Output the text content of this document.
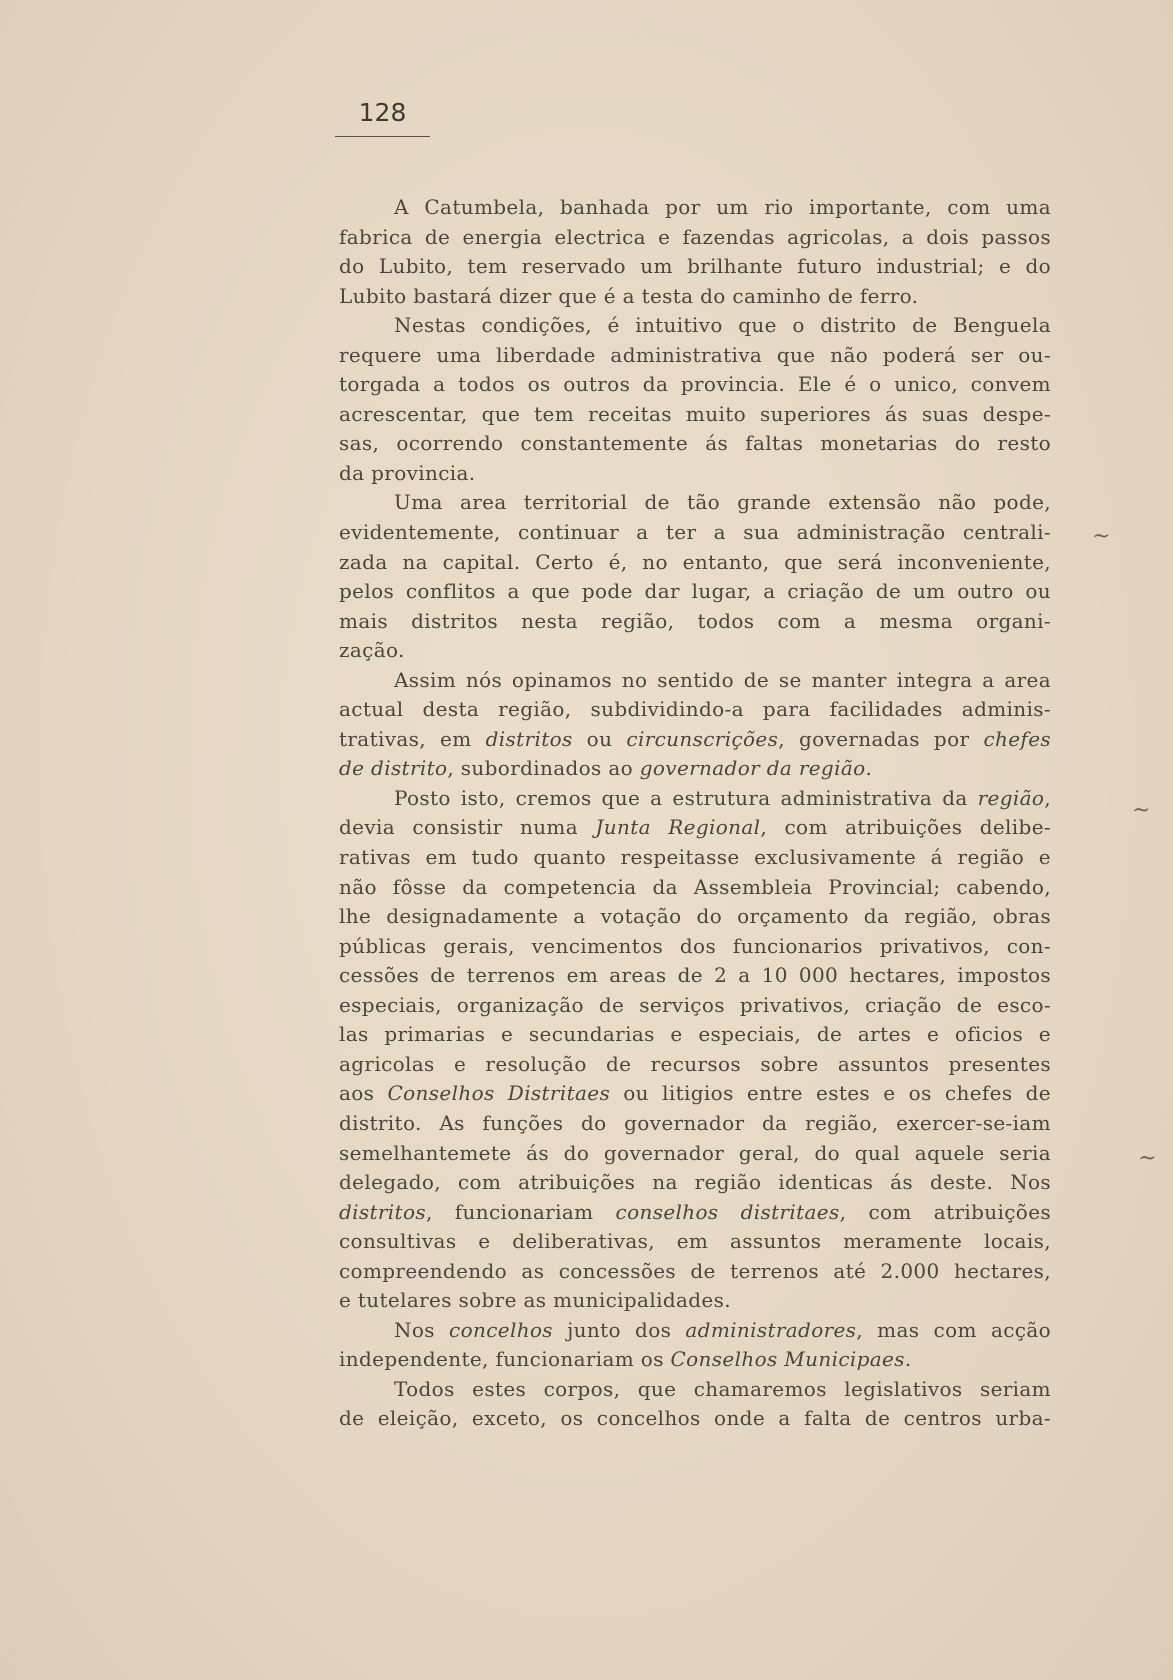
128
A Catumbela, banhada por um rio importante, com uma
fabrica de energia electrica e fazendas agricolas, a dois passos
do Lubito, tem reservado um brilhante futuro industrial; e do
Lubito bastará dizer que é a testa do caminho de ferro.
Nestas condições, é intuitivo que o distrito de Benguela
requere uma liberdade administrativa que não poderá ser ou-
torgada a todos os outros da provincia. Ele é o unico, convem
acrescentar, que tem receitas muito superiores ás suas despe-
sas, ocorrendo constantemente ás faltas monetarias do resto
da provincia.
Uma area territorial de tão grande extensão não pode,
evidentemente, continuar a ter a sua administração centrali-
zada na capital. Certo é, no entanto, que será inconveniente,
pelos conflitos a que pode dar lugar, a criação de um outro ou
mais distritos nesta região, todos com a mesma organi-
zação.
Assim nós opinamos no sentido de se manter integra a area
actual desta região, subdividindo-a para facilidades adminis-
trativas, em distritos ou circunscrições, governadas por chefes
de distrito, subordinados ao governador da região.
Posto isto, cremos que a estrutura administrativa da região,
devia consistir numa Junta Regional, com atribuições delibe-
rativas em tudo quanto respeitasse exclusivamente á região e
não fôsse da competencia da Assembleia Provincial; cabendo,
lhe designadamente a votação do orçamento da região, obras
públicas gerais, vencimentos dos funcionarios privativos, con-
cessões de terrenos em areas de 2 a 10 000 hectares, impostos
especiais, organização de serviços privativos, criação de esco-
las primarias e secundarias e especiais, de artes e oficios e
agricolas e resolução de recursos sobre assuntos presentes
aos Conselhos Distritaes ou litigios entre estes e os chefes de
distrito. As funções do governador da região, exercer-se-iam
semelhantemete ás do governador geral, do qual aquele seria
delegado, com atribuições na região identicas ás deste. Nos
distritos, funcionariam conselhos distritaes, com atribuições
consultivas e deliberativas, em assuntos meramente locais,
compreendendo as concessões de terrenos até 2.000 hectares,
e tutelares sobre as municipalidades.
Nos concelhos junto dos administradores, mas com acção
independente, funcionariam os Conselhos Municipaes.
Todos estes corpos, que chamaremos legislativos seriam
de eleição, exceto, os concelhos onde a falta de centros urba-
~
~
~
